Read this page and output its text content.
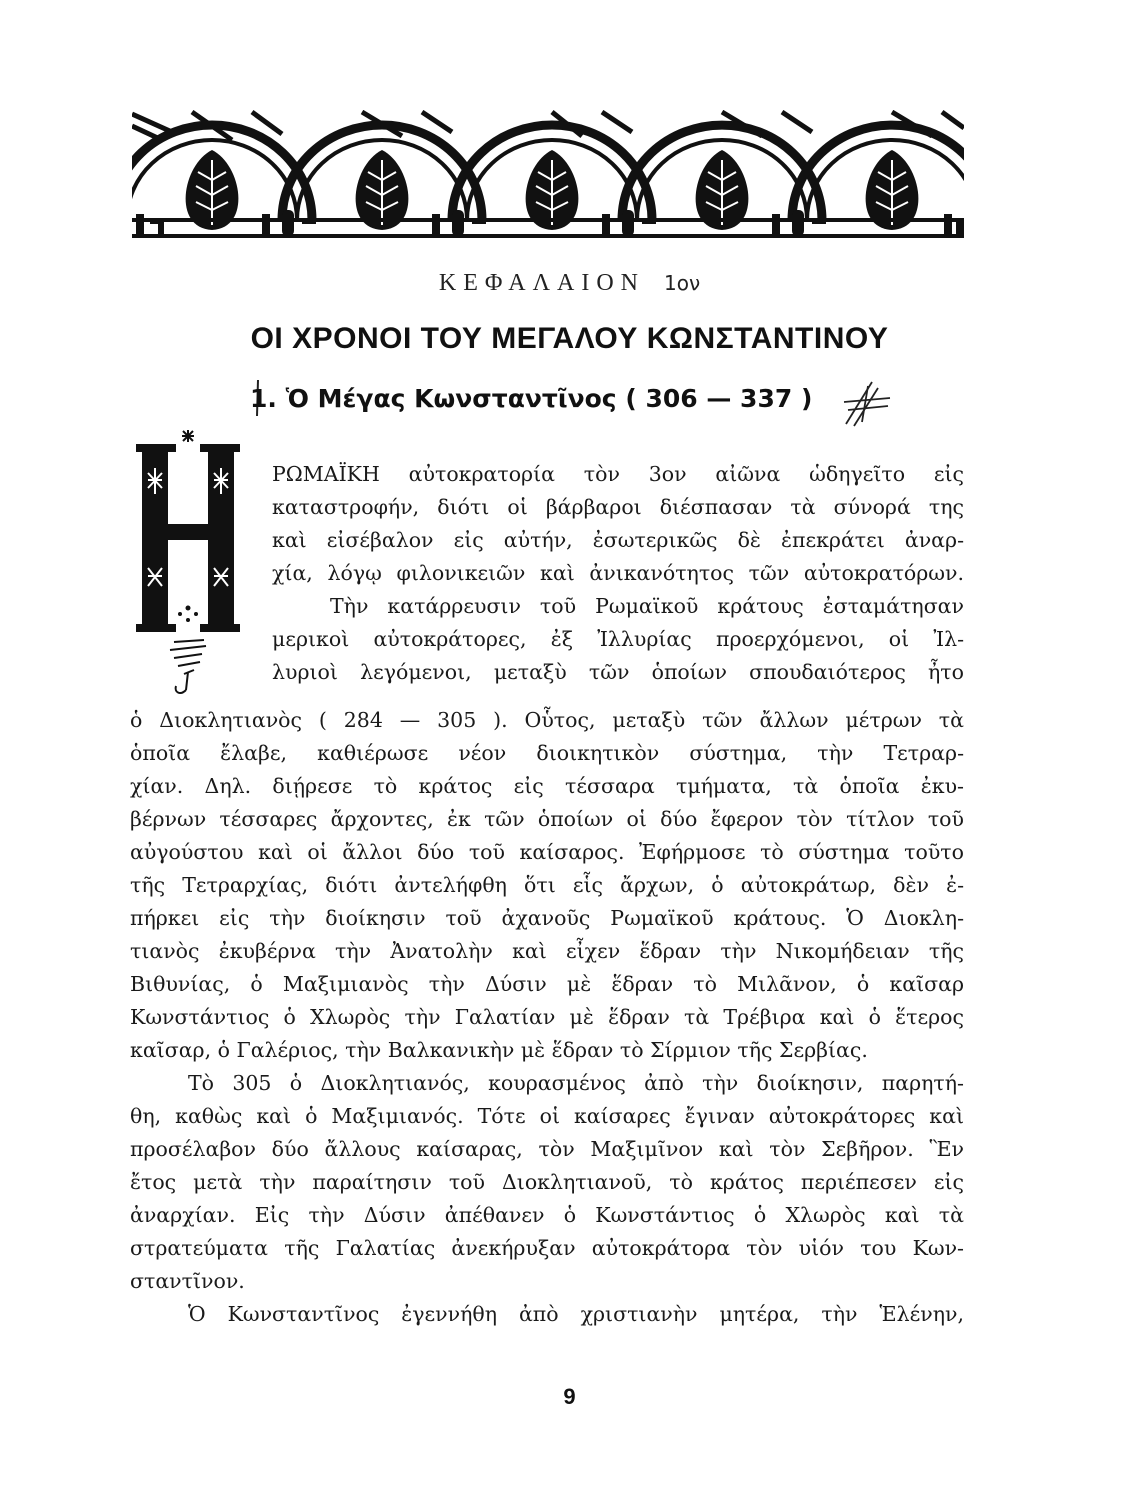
ΚΕΦΑΛΑΙΟΝ 1ον
ΟΙ ΧΡΟΝΟΙ ΤΟΥ ΜΕΓΑΛΟΥ ΚΩΝΣΤΑΝΤΙΝΟΥ
1. Ὁ Μέγας Κωνσταντῖνος ( 306 — 337 )

ΡΩΜΑΪΚΗ αὐτοκρατορία τὸν 3ον αἰῶνα ὡδηγεῖτο εἰς

καταστροφήν, διότι οἱ βάρβαροι διέσπασαν τὰ σύνορά της

καὶ εἰσέβαλον εἰς αὐτήν, ἐσωτερικῶς δὲ ἐπεκράτει ἀναρ-

χία, λόγῳ φιλονικειῶν καὶ ἀνικανότητος τῶν αὐτοκρατόρων.

Τὴν κατάρρευσιν τοῦ Ρωμαϊκοῦ κράτους ἐσταμάτησαν

μερικοὶ αὐτοκράτορες, ἐξ Ἰλλυρίας προερχόμενοι, οἱ Ἰλ-

λυριοὶ λεγόμενοι, μεταξὺ τῶν ὁποίων σπουδαιότερος ἦτο

ὁ Διοκλητιανὸς ( 284 — 305 ). Οὗτος, μεταξὺ τῶν ἄλλων μέτρων τὰ

ὁποῖα ἔλαβε, καθιέρωσε νέον διοικητικὸν σύστημα, τὴν Τετραρ-

χίαν. Δηλ. διῄρεσε τὸ κράτος εἰς τέσσαρα τμήματα, τὰ ὁποῖα ἐκυ-

βέρνων τέσσαρες ἄρχοντες, ἐκ τῶν ὁποίων οἱ δύο ἔφερον τὸν τίτλον τοῦ

αὐγούστου καὶ οἱ ἄλλοι δύο τοῦ καίσαρος. Ἐφήρμοσε τὸ σύστημα τοῦτο

τῆς Τετραρχίας, διότι ἀντελήφθη ὅτι εἷς ἄρχων, ὁ αὐτοκράτωρ, δὲν ἐ-

πήρκει εἰς τὴν διοίκησιν τοῦ ἀχανοῦς Ρωμαϊκοῦ κράτους. Ὁ Διοκλη-

τιανὸς ἐκυβέρνα τὴν Ἀνατολὴν καὶ εἶχεν ἕδραν τὴν Νικομήδειαν τῆς

Βιθυνίας, ὁ Μαξιμιανὸς τὴν Δύσιν μὲ ἕδραν τὸ Μιλᾶνον, ὁ καῖσαρ

Κωνστάντιος ὁ Χλωρὸς τὴν Γαλατίαν μὲ ἕδραν τὰ Τρέβιρα καὶ ὁ ἕτερος

καῖσαρ, ὁ Γαλέριος, τὴν Βαλκανικὴν μὲ ἕδραν τὸ Σίρμιον τῆς Σερβίας.

Τὸ 305 ὁ Διοκλητιανός, κουρασμένος ἀπὸ τὴν διοίκησιν, παρητή-

θη, καθὼς καὶ ὁ Μαξιμιανός. Τότε οἱ καίσαρες ἔγιναν αὐτοκράτορες καὶ

προσέλαβον δύο ἄλλους καίσαρας, τὸν Μαξιμῖνον καὶ τὸν Σεβῆρον. Ἓν

ἔτος μετὰ τὴν παραίτησιν τοῦ Διοκλητιανοῦ, τὸ κράτος περιέπεσεν εἰς

ἀναρχίαν. Εἰς τὴν Δύσιν ἀπέθανεν ὁ Κωνστάντιος ὁ Χλωρὸς καὶ τὰ

στρατεύματα τῆς Γαλατίας ἀνεκήρυξαν αὐτοκράτορα τὸν υἱόν του Κων-

σταντῖνον.

Ὁ Κωνσταντῖνος ἐγεννήθη ἀπὸ χριστιανὴν μητέρα, τὴν Ἑλένην,

9
